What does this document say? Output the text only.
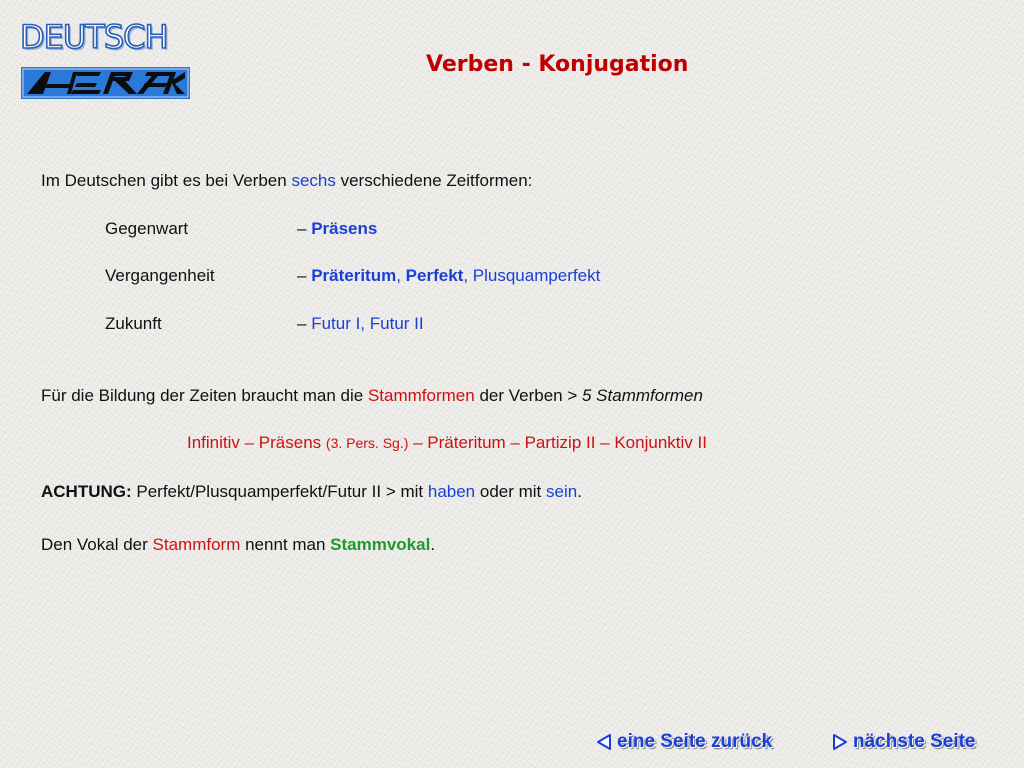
DEUTSCH
Verben - Konjugation
Im Deutschen gibt es bei Verben sechs verschiedene Zeitformen:
Gegenwart	– Präsens
Vergangenheit	– Präteritum, Perfekt, Plusquamperfekt
Zukunft	– Futur I, Futur II
Für die Bildung der Zeiten braucht man die Stammformen der Verben > 5 Stammformen
Infinitiv – Präsens (3. Pers. Sg.) – Präteritum – Partizip II – Konjunktiv II
ACHTUNG: Perfekt/Plusquamperfekt/Futur II > mit haben oder mit sein.
Den Vokal der Stammform nennt man Stammvokal.
eine Seite zurück	nächste Seite
